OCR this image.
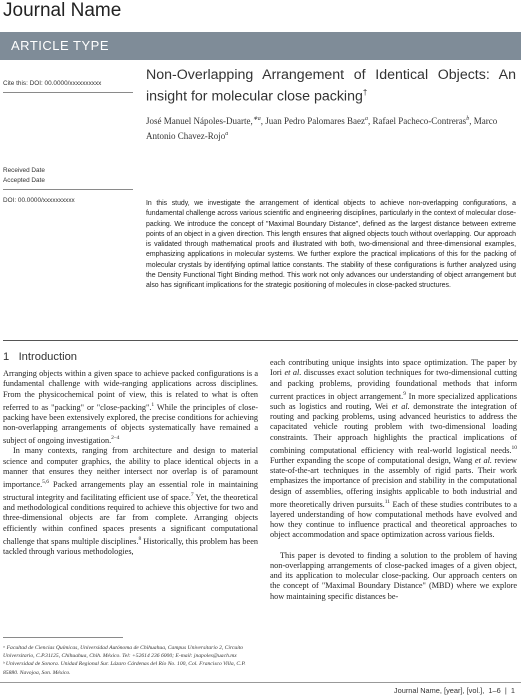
Journal Name
ARTICLE TYPE
Cite this: DOI: 00.0000/xxxxxxxxxx
Received Date
Accepted Date
DOI: 00.0000/xxxxxxxxxx
Non-Overlapping Arrangement of Identical Objects: An insight for molecular close packing†
José Manuel Nápoles-Duarte,$^{∗a}$, Juan Pedro Palomares Baez$^a$, Rafael Pacheco-Contreras$^b$, Marco Antonio Chavez-Rojo$^a$
In this study, we investigate the arrangement of identical objects to achieve non-overlapping configurations, a fundamental challenge across various scientific and engineering disciplines, particularly in the context of molecular close-packing. We introduce the concept of "Maximal Boundary Distance", defined as the largest distance between extreme points of an object in a given direction. This length ensures that aligned objects touch without overlapping. Our approach is validated through mathematical proofs and illustrated with both, two-dimensional and three-dimensional examples, emphasizing applications in molecular systems. We further explore the practical implications of this for the packing of molecular crystals by identifying optimal lattice constants. The stability of these configurations is further analyzed using the Density Functional Tight Binding method. This work not only advances our understanding of object arrangement but also has significant implications for the strategic positioning of molecules in close-packed structures.
1 Introduction

Arranging objects within a given space to achieve packed configurations is a fundamental challenge with wide-ranging applications across disciplines. From the physicochemical point of view, this is related to what is often referred to as "packing" or "close-packing".$^1$ While the principles of close-packing have been extensively explored, the precise conditions for achieving non-overlapping arrangements of objects systematically have remained a subject of ongoing investigation.$^{2-4}$

In many contexts, ranging from architecture and design to material science and computer graphics, the ability to place identical objects in a manner that ensures they neither intersect nor overlap is of paramount importance.$^{5,6}$ Packed arrangements play an essential role in maintaining structural integrity and facilitating efficient use of space.$^7$ Yet, the theoretical and methodological conditions required to achieve this objective for two and three-dimensional objects are far from complete. Arranging objects efficiently within confined spaces presents a significant computational challenge that spans multiple disciplines.$^8$ Historically, this problem has been tackled through various methodologies,

each contributing unique insights into space optimization. The paper by Iori et al. discusses exact solution techniques for two-dimensional cutting and packing problems, providing foundational methods that inform current practices in object arrangement.$^9$ In more specialized applications such as logistics and routing, Wei et al. demonstrate the integration of routing and packing problems, using advanced heuristics to address the capacitated vehicle routing problem with two-dimensional loading constraints. Their approach highlights the practical implications of combining computational efficiency with real-world logistical needs.$^{10}$ Further expanding the scope of computational design, Wang et al. review state-of-the-art techniques in the assembly of rigid parts. Their work emphasizes the importance of precision and stability in the computational design of assemblies, offering insights applicable to both industrial and more theoretically driven pursuits.$^{11}$ Each of these studies contributes to a layered understanding of how computational methods have evolved and how they continue to influence practical and theoretical approaches to object accommodation and space optimization across various fields.

This paper is devoted to finding a solution to the problem of having non-overlapping arrangements of close-packed images of a given object, and its application to molecular close-packing. Our approach centers on the concept of "Maximal Boundary Distance" (MBD) where we explore how maintaining specific distances be-

ᵃ Facultad de Ciencias Químicas, Universidad Autónoma de Chihuahua, Campus Universitario 2, Circuito Universitario, C.P.31125, Chihuahua, Chih. México. Tel: +52614 236 6000; E-mail: jnapoles@uach.mx
ᵇ Universidad de Sonora. Unidad Regional Sur. Lázaro Cárdenas del Río No. 100, Col. Francisco Villa, C.P. 85880. Navojoa, Son. México.
Journal Name, [year], [vol.], 1–6 | 1
